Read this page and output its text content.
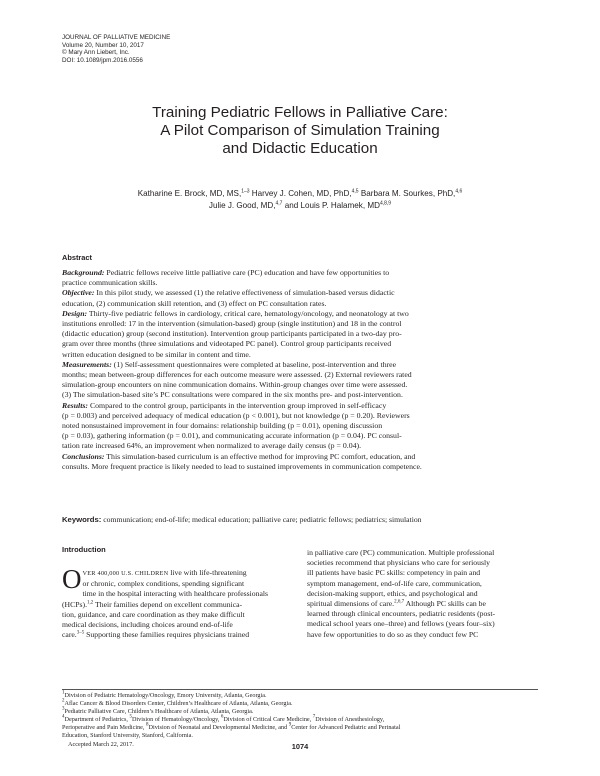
JOURNAL OF PALLIATIVE MEDICINE
Volume 20, Number 10, 2017
© Mary Ann Liebert, Inc.
DOI: 10.1089/jpm.2016.0556
Training Pediatric Fellows in Palliative Care:
A Pilot Comparison of Simulation Training
and Didactic Education
Katharine E. Brock, MD, MS,$^{1-3}$ Harvey J. Cohen, MD, PhD,$^{4,5}$ Barbara M. Sourkes, PhD,$^{4,6}$
Julie J. Good, MD,$^{4,7}$ and Louis P. Halamek, MD$^{4,8,9}$
Abstract

Background: Pediatric fellows receive little palliative care (PC) education and have few opportunities to
practice communication skills.

Objective: In this pilot study, we assessed (1) the relative effectiveness of simulation-based versus didactic
education, (2) communication skill retention, and (3) effect on PC consultation rates.

Design: Thirty-five pediatric fellows in cardiology, critical care, hematology/oncology, and neonatology at two
institutions enrolled: 17 in the intervention (simulation-based) group (single institution) and 18 in the control
(didactic education) group (second institution). Intervention group participants participated in a two-day pro-
gram over three months (three simulations and videotaped PC panel). Control group participants received
written education designed to be similar in content and time.

Measurements: (1) Self-assessment questionnaires were completed at baseline, post-intervention and three
months; mean between-group differences for each outcome measure were assessed. (2) External reviewers rated
simulation-group encounters on nine communication domains. Within-group changes over time were assessed.
(3) The simulation-based site’s PC consultations were compared in the six months pre- and post-intervention.

Results: Compared to the control group, participants in the intervention group improved in self-efficacy
(p = 0.003) and perceived adequacy of medical education (p < 0.001), but not knowledge (p = 0.20). Reviewers
noted nonsustained improvement in four domains: relationship building (p = 0.01), opening discussion
(p = 0.03), gathering information (p = 0.01), and communicating accurate information (p = 0.04). PC consul-
tation rate increased 64%, an improvement when normalized to average daily census (p = 0.04).

Conclusions: This simulation-based curriculum is an effective method for improving PC comfort, education, and
consults. More frequent practice is likely needed to lead to sustained improvements in communication competence.

Keywords: communication; end-of-life; medical education; palliative care; pediatric fellows; pediatrics; simulation
Introduction
O VER 400,000 U.S. CHILDREN live with life-threatening
or chronic, complex conditions, spending significant
time in the hospital interacting with healthcare professionals
(HCPs).$^{1,2}$ Their families depend on excellent communica-
tion, guidance, and care coordination as they make difficult
medical decisions, including choices around end-of-life
care.$^{3-5}$ Supporting these families requires physicians trained
in palliative care (PC) communication. Multiple professional
societies recommend that physicians who care for seriously
ill patients have basic PC skills: competency in pain and
symptom management, end-of-life care, communication,
decision-making support, ethics, and psychological and
spiritual dimensions of care.$^{2,6,7}$ Although PC skills can be
learned through clinical encounters, pediatric residents (post-
medical school years one–three) and fellows (years four–six)
have few opportunities to do so as they conduct few PC
$^1$Division of Pediatric Hematology/Oncology, Emory University, Atlanta, Georgia.
$^2$Aflac Cancer & Blood Disorders Center, Children’s Healthcare of Atlanta, Atlanta, Georgia.
$^3$Pediatric Palliative Care, Children’s Healthcare of Atlanta, Atlanta, Georgia.
$^4$Department of Pediatrics, $^5$Division of Hematology/Oncology, $^6$Division of Critical Care Medicine, $^7$Division of Anesthesiology,
Perioperative and Pain Medicine, $^8$Division of Neonatal and Developmental Medicine, and $^9$Center for Advanced Pediatric and Perinatal
Education, Stanford University, Stanford, California.
Accepted March 22, 2017.	1074
